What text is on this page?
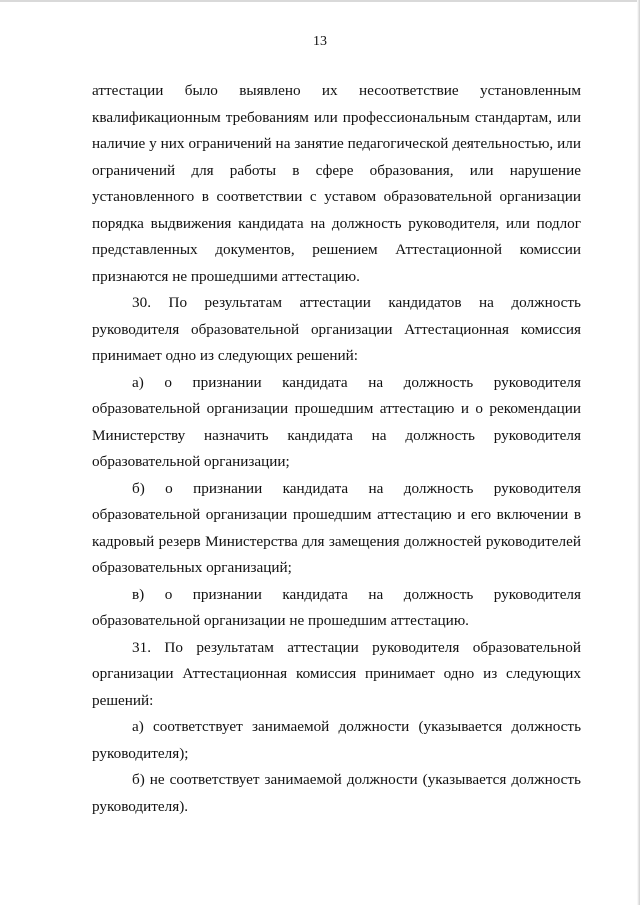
13

аттестации было выявлено их несоответствие установленным квалификационным требованиям или профессиональным стандартам, или наличие у них ограничений на занятие педагогической деятельностью, или ограничений для работы в сфере образования, или нарушение установленного в соответствии с уставом образовательной организации порядка выдвижения кандидата на должность руководителя, или подлог представленных документов, решением Аттестационной комиссии признаются не прошедшими аттестацию.

30. По результатам аттестации кандидатов на должность руководителя образовательной организации Аттестационная комиссия принимает одно из следующих решений:

а) о признании кандидата на должность руководителя образовательной организации прошедшим аттестацию и о рекомендации Министерству назначить кандидата на должность руководителя образовательной организации;

б) о признании кандидата на должность руководителя образовательной организации прошедшим аттестацию и его включении в кадровый резерв Министерства для замещения должностей руководителей образовательных организаций;

в) о признании кандидата на должность руководителя образовательной организации не прошедшим аттестацию.

31. По результатам аттестации руководителя образовательной организации Аттестационная комиссия принимает одно из следующих решений:

а) соответствует занимаемой должности (указывается должность руководителя);

б) не соответствует занимаемой должности (указывается должность руководителя).
